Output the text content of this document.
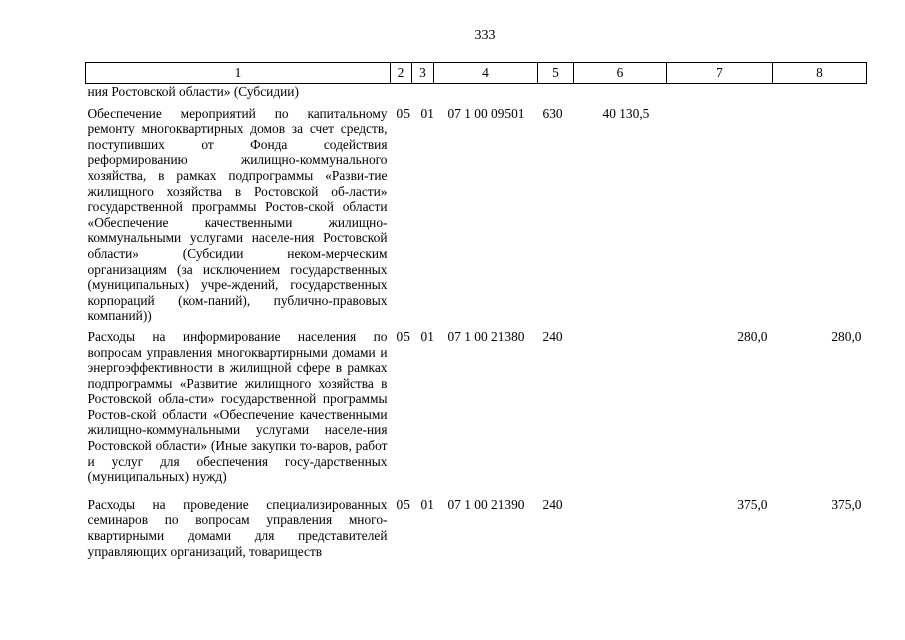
333
1	2	3	4	5	6	7	8
ния Ростовской области» (Субсидии)							
Обеспечение мероприятий по капитальному ремонту многоквартирных домов за счет средств, поступивших от Фонда содействия реформированию жилищно-коммунального хозяйства, в рамках подпрограммы «Разви-тие жилищного хозяйства в Ростовской об-ласти» государственной программы Ростов-ской области «Обеспечение качественными жилищно-коммунальными услугами населе-ния Ростовской области» (Субсидии неком-мерческим организациям (за исключением государственных (муниципальных) учре-ждений, государственных корпораций (ком-паний), публично-правовых компаний))	05	01	07 1 00 09501	630	40 130,5		
Расходы на информирование населения по вопросам управления многоквартирными домами и энергоэффективности в жилищной сфере в рамках подпрограммы «Развитие жилищного хозяйства в Ростовской обла-сти» государственной программы Ростов-ской области «Обеспечение качественными жилищно-коммунальными услугами населе-ния Ростовской области» (Иные закупки то-варов, работ и услуг для обеспечения госу-дарственных (муниципальных) нужд)	05	01	07 1 00 21380	240		280,0	280,0
Расходы на проведение специализированных семинаров по вопросам управления много-квартирными домами для представителей управляющих организаций, товариществ	05	01	07 1 00 21390	240		375,0	375,0
